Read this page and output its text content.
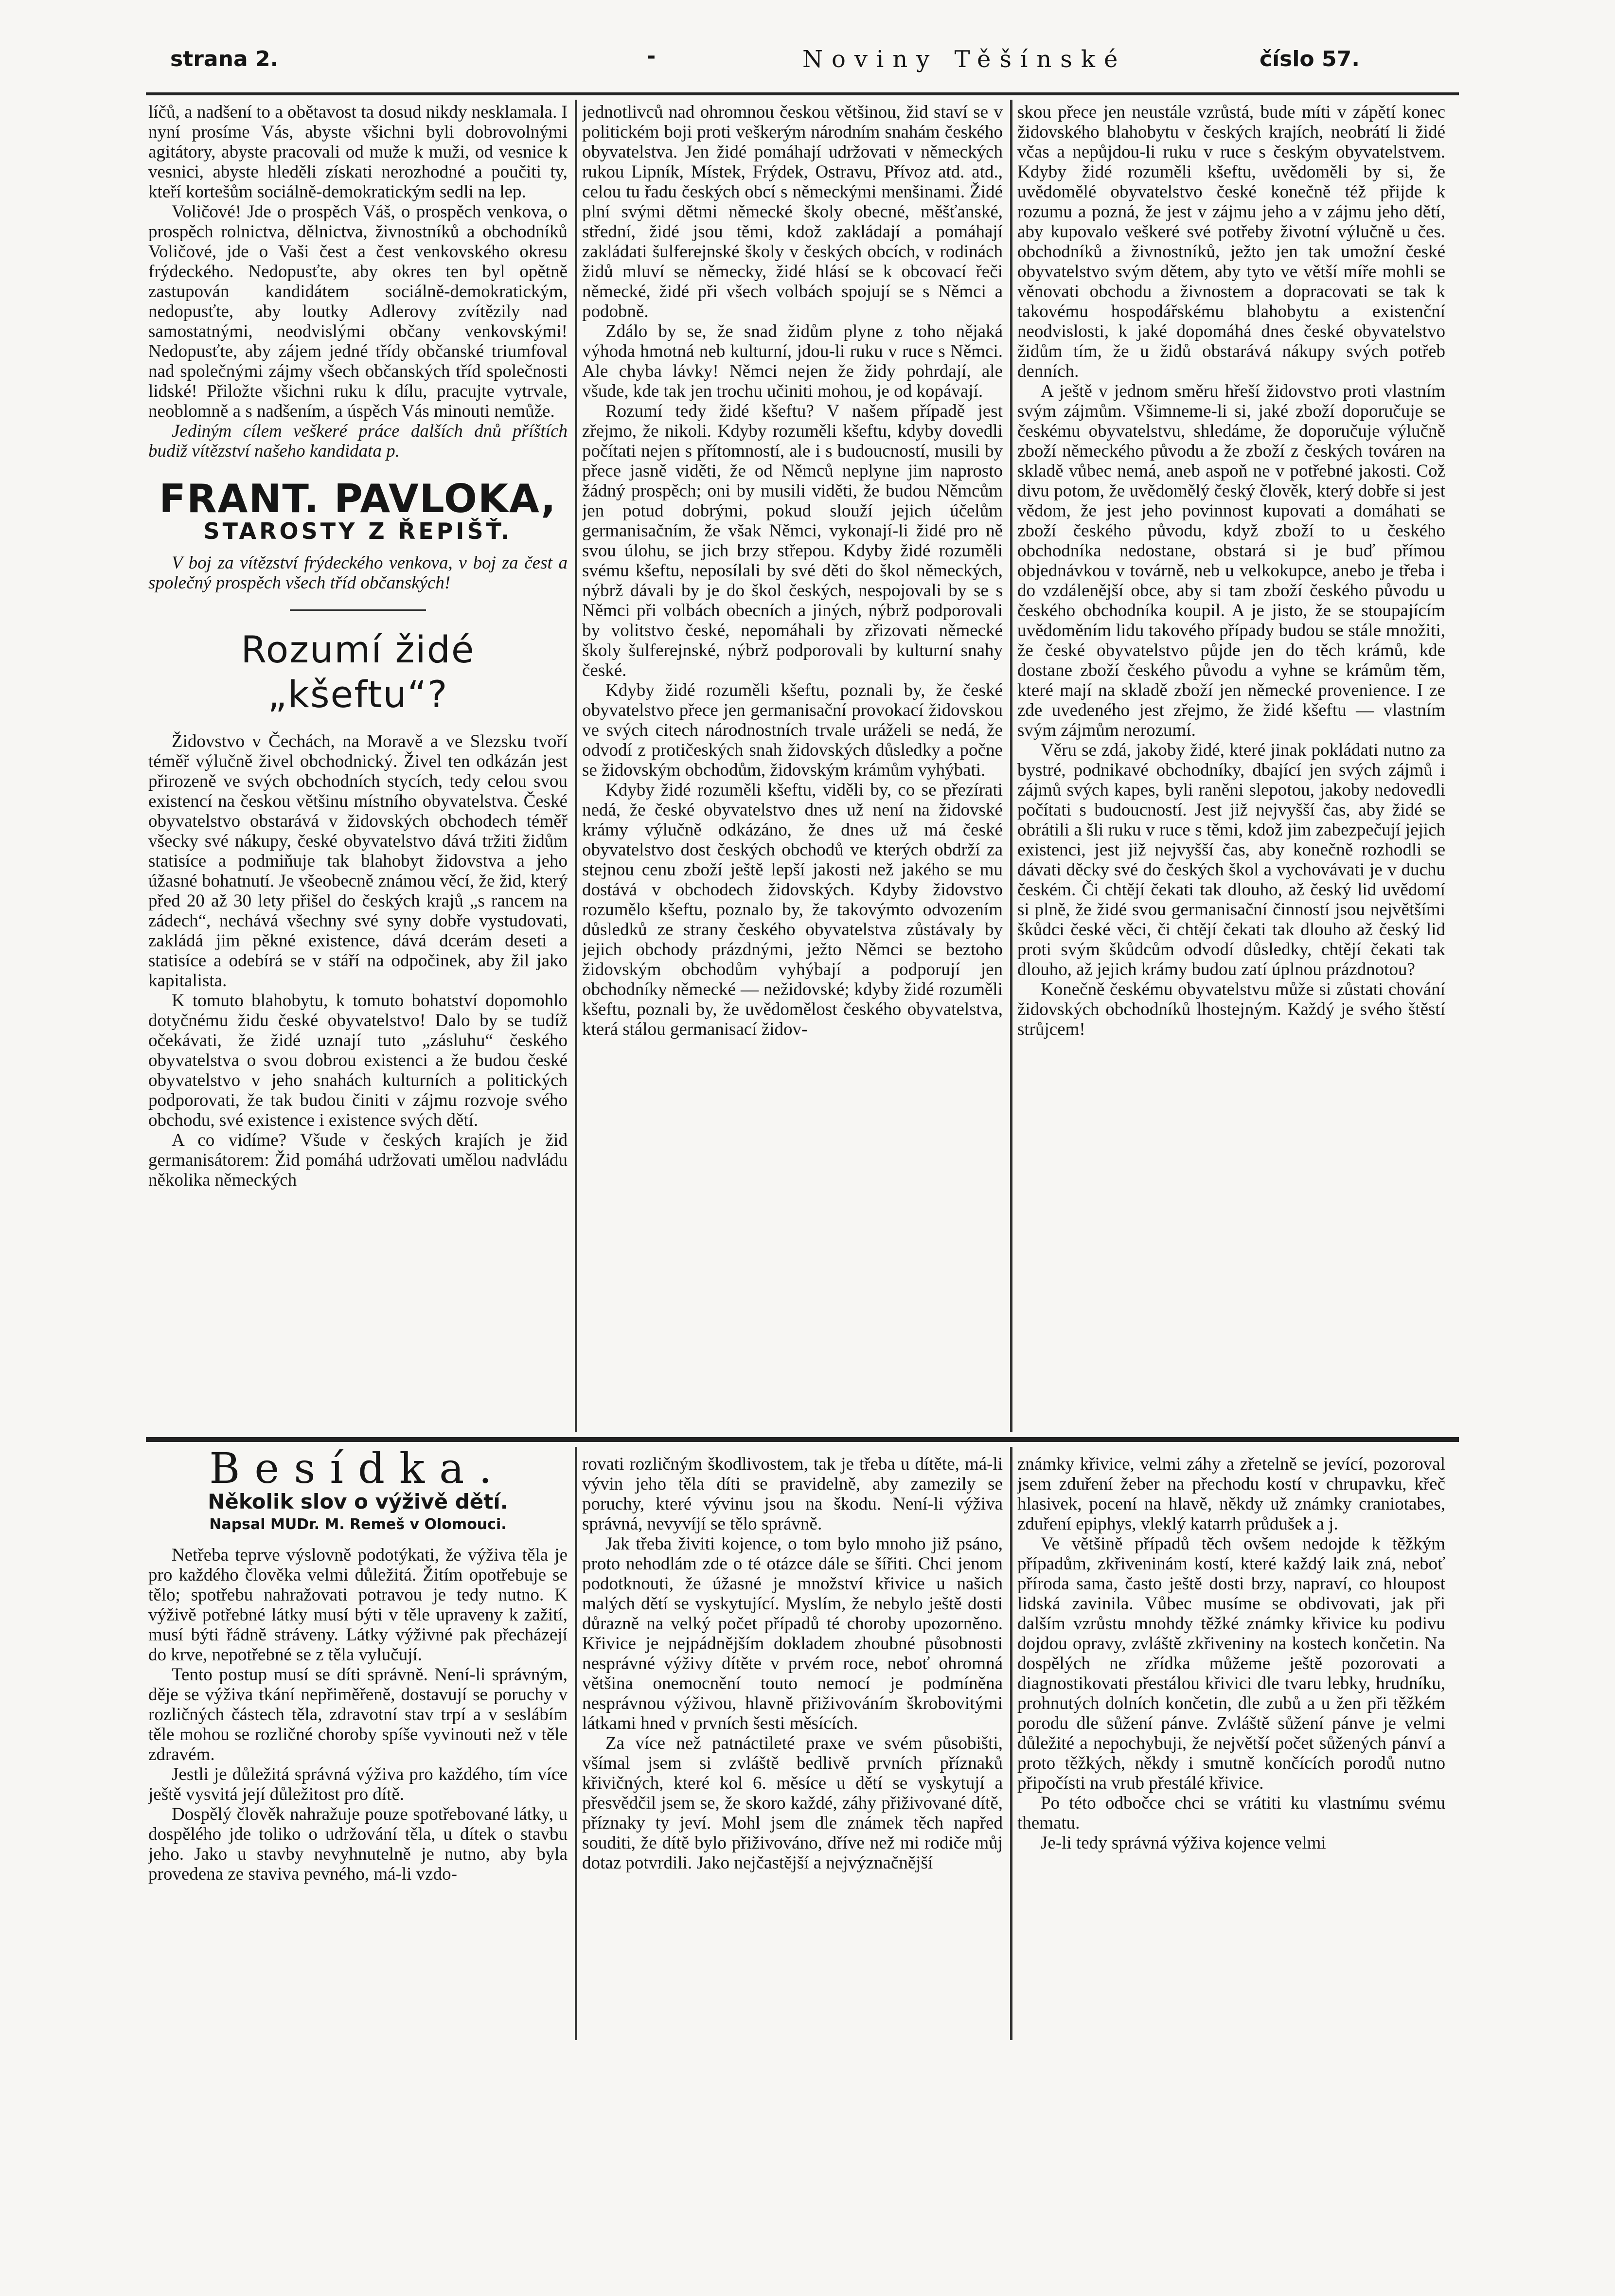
strana 2.	-	Noviny Těšínské	číslo 57.

líčů, a nadšení to a obětavost ta dosud nikdy nesklamala. I nyní prosíme Vás, abyste všichni byli dobrovolnými agitátory, abyste pracovali od muže k muži, od vesnice k vesnici, abyste hleděli získati nerozhodné a poučiti ty, kteří kortešům sociálně-demokratickým sedli na lep.

Voličové! Jde o prospěch Váš, o prospěch venkova, o prospěch rolnictva, dělnictva, živnostníků a obchodníků Voličové, jde o Vaši čest a čest venkovského okresu frýdeckého. Nedopusťte, aby okres ten byl opětně zastupován kandidátem sociálně-demokratickým, nedopusťte, aby loutky Adlerovy zvítězily nad samostatnými, neodvislými občany venkovskými! Nedopusťte, aby zájem jedné třídy občanské triumfoval nad společnými zájmy všech občanských tříd společnosti lidské! Přiložte všichni ruku k dílu, pracujte vytrvale, neoblomně a s nadšením, a úspěch Vás minouti nemůže.

Jediným cílem veškeré práce dalších dnů příštích budiž vítězství našeho kandidata p.

FRANT. PAVLOKA,
STAROSTY Z ŘEPIŠŤ.

V boj za vítězství frýdeckého venkova, v boj za čest a společný prospěch všech tříd občanských!

Rozumí židé „kšeftu“?

Židovstvo v Čechách, na Moravě a ve Slezsku tvoří téměř výlučně živel obchodnický. Živel ten odkázán jest přirozeně ve svých obchodních stycích, tedy celou svou existencí na českou většinu místního obyvatelstva. České obyvatelstvo obstarává v židovských obchodech téměř všecky své nákupy, české obyvatelstvo dává tržiti židům statisíce a podmiňuje tak blahobyt židovstva a jeho úžasné bohatnutí. Je všeobecně známou věcí, že žid, který před 20 až 30 lety přišel do českých krajů „s rancem na zádech“, nechává všechny své syny dobře vystudovati, zakládá jim pěkné existence, dává dcerám deseti a statisíce a odebírá se v stáří na odpočinek, aby žil jako kapitalista.

K tomuto blahobytu, k tomuto bohatství dopomohlo dotyčnému židu české obyvatelstvo! Dalo by se tudíž očekávati, že židé uznají tuto „zásluhu“ českého obyvatelstva o svou dobrou existenci a že budou české obyvatelstvo v jeho snahách kulturních a politických podporovati, že tak budou činiti v zájmu rozvoje svého obchodu, své existence i existence svých dětí.

A co vidíme? Všude v českých krajích je žid germanisátorem: Žid pomáhá udržovati umělou nadvládu několika německých

jednotlivců nad ohromnou českou většinou, žid staví se v politickém boji proti veškerým národním snahám českého obyvatelstva. Jen židé pomáhají udržovati v německých rukou Lipník, Místek, Frýdek, Ostravu, Přívoz atd. atd., celou tu řadu českých obcí s německými menšinami. Židé plní svými dětmi německé školy obecné, měšťanské, střední, židé jsou těmi, kdož zakládají a pomáhají zakládati šulferejnské školy v českých obcích, v rodinách židů mluví se německy, židé hlásí se k obcovací řeči německé, židé při všech volbách spojují se s Němci a podobně.

Zdálo by se, že snad židům plyne z toho nějaká výhoda hmotná neb kulturní, jdou-li ruku v ruce s Němci. Ale chyba lávky! Němci nejen že židy pohrdají, ale všude, kde tak jen trochu učiniti mohou, je od kopávají.

Rozumí tedy židé kšeftu? V našem případě jest zřejmo, že nikoli. Kdyby rozuměli kšeftu, kdyby dovedli počítati nejen s přítomností, ale i s budoucností, musili by přece jasně viděti, že od Němců neplyne jim naprosto žádný prospěch; oni by musili viděti, že budou Němcům jen potud dobrými, pokud slouží jejich účelům germanisačním, že však Němci, vykonají-li židé pro ně svou úlohu, se jich brzy střepou. Kdyby židé rozuměli svému kšeftu, neposílali by své děti do škol německých, nýbrž dávali by je do škol českých, nespojovali by se s Němci při volbách obecních a jiných, nýbrž podporovali by volitstvo české, nepomáhali by zřizovati německé školy šulferejnské, nýbrž podporovali by kulturní snahy české.

Kdyby židé rozuměli kšeftu, poznali by, že české obyvatelstvo přece jen germanisační provokací židovskou ve svých citech národnostních trvale uráželi se nedá, že odvodí z protičeských snah židovských důsledky a počne se židovským obchodům, židovským krámům vyhýbati.

Kdyby židé rozuměli kšeftu, viděli by, co se přezírati nedá, že české obyvatelstvo dnes už není na židovské krámy výlučně odkázáno, že dnes už má české obyvatelstvo dost českých obchodů ve kterých obdrží za stejnou cenu zboží ještě lepší jakosti než jakého se mu dostává v obchodech židovských. Kdyby židovstvo rozumělo kšeftu, poznalo by, že takovýmto odvozením důsledků ze strany českého obyvatelstva zůstávaly by jejich obchody prázdnými, ježto Němci se beztoho židovským obchodům vyhýbají a podporují jen obchodníky německé — nežidovské; kdyby židé rozuměli kšeftu, poznali by, že uvědomělost českého obyvatelstva, která stálou germanisací židov-

skou přece jen neustále vzrůstá, bude míti v zápětí konec židovského blahobytu v českých krajích, neobrátí li židé včas a nepůjdou-li ruku v ruce s českým obyvatelstvem. Kdyby židé rozuměli kšeftu, uvědoměli by si, že uvědomělé obyvatelstvo české konečně též přijde k rozumu a pozná, že jest v zájmu jeho a v zájmu jeho dětí, aby kupovalo veškeré své potřeby životní výlučně u čes. obchodníků a živnostníků, ježto jen tak umožní české obyvatelstvo svým dětem, aby tyto ve větší míře mohli se věnovati obchodu a živnostem a dopracovati se tak k takovému hospodářskému blahobytu a existenční neodvislosti, k jaké dopomáhá dnes české obyvatelstvo židům tím, že u židů obstarává nákupy svých potřeb denních.

A ještě v jednom směru hřeší židovstvo proti vlastním svým zájmům. Všimneme-li si, jaké zboží doporučuje se českému obyvatelstvu, shledáme, že doporučuje výlučně zboží německého původu a že zboží z českých továren na skladě vůbec nemá, aneb aspoň ne v potřebné jakosti. Což divu potom, že uvědomělý český člověk, který dobře si jest vědom, že jest jeho povinnost kupovati a domáhati se zboží českého původu, když zboží to u českého obchodníka nedostane, obstará si je buď přímou objednávkou v továrně, neb u velkokupce, anebo je třeba i do vzdálenější obce, aby si tam zboží českého původu u českého obchodníka koupil. A je jisto, že se stoupajícím uvědoměním lidu takového případy budou se stále množiti, že české obyvatelstvo půjde jen do těch krámů, kde dostane zboží českého původu a vyhne se krámům těm, které mají na skladě zboží jen německé provenience. I ze zde uvedeného jest zřejmo, že židé kšeftu — vlastním svým zájmům nerozumí.

Věru se zdá, jakoby židé, které jinak pokládati nutno za bystré, podnikavé obchodníky, dbající jen svých zájmů i zájmů svých kapes, byli raněni slepotou, jakoby nedovedli počítati s budoucností. Jest již nejvyšší čas, aby židé se obrátili a šli ruku v ruce s těmi, kdož jim zabezpečují jejich existenci, jest již nejvyšší čas, aby konečně rozhodli se dávati děcky své do českých škol a vychovávati je v duchu českém. Či chtějí čekati tak dlouho, až český lid uvědomí si plně, že židé svou germanisační činností jsou největšími škůdci české věci, či chtějí čekati tak dlouho až český lid proti svým škůdcům odvodí důsledky, chtějí čekati tak dlouho, až jejich krámy budou zatí úplnou prázdnotou?

Konečně českému obyvatelstvu může si zůstati chování židovských obchodníků lhostejným. Každý je svého štěstí strůjcem!

Besídka.
Několik slov o výživě dětí.
Napsal MUDr. M. Remeš v Olomouci.

Netřeba teprve výslovně podotýkati, že výživa těla je pro každého člověka velmi důležitá. Žitím opotřebuje se tělo; spotřebu nahražovati potravou je tedy nutno. K výživě potřebné látky musí býti v těle upraveny k zažití, musí býti řádně stráveny. Látky výživné pak přecházejí do krve, nepotřebné se z těla vylučují.

Tento postup musí se díti správně. Není-li správným, děje se výživa tkání nepřiměřeně, dostavují se poruchy v rozličných částech těla, zdravotní stav trpí a v seslábím těle mohou se rozličné choroby spíše vyvinouti než v těle zdravém.

Jestli je důležitá správná výživa pro každého, tím více ještě vysvitá její důležitost pro dítě.

Dospělý člověk nahražuje pouze spotřebované látky, u dospělého jde toliko o udržování těla, u dítek o stavbu jeho. Jako u stavby nevyhnutelně je nutno, aby byla provedena ze staviva pevného, má-li vzdo-

rovati rozličným škodlivostem, tak je třeba u dítěte, má-li vývin jeho těla díti se pravidelně, aby zamezily se poruchy, které vývinu jsou na škodu. Není-li výživa správná, nevyvíjí se tělo správně.

Jak třeba živiti kojence, o tom bylo mnoho již psáno, proto nehodlám zde o té otázce dále se šířiti. Chci jenom podotknouti, že úžasné je množství křivice u našich malých dětí se vyskytující. Myslím, že nebylo ještě dosti důrazně na velký počet případů té choroby upozorněno. Křivice je nejpádnějším dokladem zhoubné působnosti nesprávné výživy dítěte v prvém roce, neboť ohromná většina onemocnění touto nemocí je podmíněna nesprávnou výživou, hlavně přiživováním škrobovitými látkami hned v prvních šesti měsících.

Za více než patnáctileté praxe ve svém působišti, všímal jsem si zvláště bedlivě prvních příznaků křivičných, které kol 6. měsíce u dětí se vyskytují a přesvědčil jsem se, že skoro každé, záhy přiživované dítě, příznaky ty jeví. Mohl jsem dle známek těch napřed souditi, že dítě bylo přiživováno, dříve než mi rodiče můj dotaz potvrdili. Jako nejčastější a nejvýznačnější

známky křivice, velmi záhy a zřetelně se jevící, pozoroval jsem zduření žeber na přechodu kostí v chrupavku, křeč hlasivek, pocení na hlavě, někdy už známky craniotabes, zduření epiphys, vleklý katarrh průdušek a j.

Ve většině případů těch ovšem nedojde k těžkým případům, zkřiveninám kostí, které každý laik zná, neboť příroda sama, často ještě dosti brzy, napraví, co hloupost lidská zavinila. Vůbec musíme se obdivovati, jak při dalším vzrůstu mnohdy těžké známky křivice ku podivu dojdou opravy, zvláště zkřiveniny na kostech končetin. Na dospělých ne zřídka můžeme ještě pozorovati a diagnostikovati přestálou křivici dle tvaru lebky, hrudníku, prohnutých dolních končetin, dle zubů a u žen při těžkém porodu dle sůžení pánve. Zvláště sůžení pánve je velmi důležité a nepochybuji, že největší počet sůžených pánví a proto těžkých, někdy i smutně končících porodů nutno připočísti na vrub přestálé křivice.

Po této odbočce chci se vrátiti ku vlastnímu svému thematu.

Je-li tedy správná výživa kojence velmi
